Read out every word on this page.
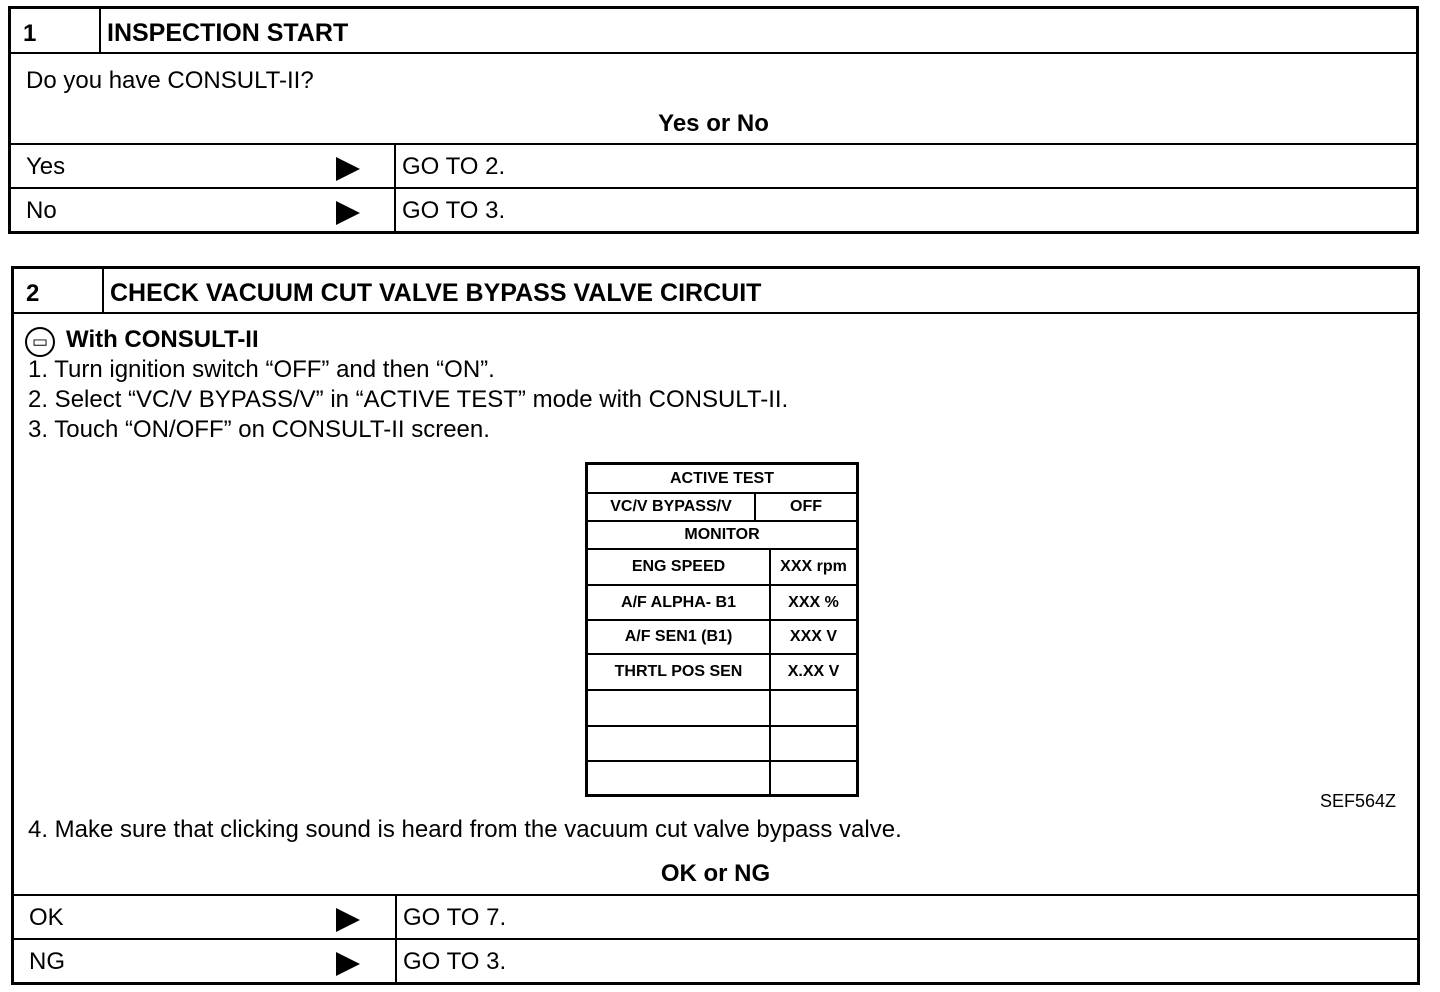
1	INSPECTION START
Do you have CONSULT-II?
Yes or No
Yes	GO TO 2.
No	GO TO 3.
2	CHECK VACUUM CUT VALVE BYPASS VALVE CIRCUIT
▭ With CONSULT-II
1. Turn ignition switch “OFF” and then “ON”.
2. Select “VC/V BYPASS/V” in “ACTIVE TEST” mode with CONSULT-II.
3. Touch “ON/OFF” on CONSULT-II screen.
ACTIVE TEST
VC/V BYPASS/V	OFF
MONITOR
ENG SPEED	XXX rpm
A/F ALPHA- B1	XXX %
A/F SEN1 (B1)	XXX V
THRTL POS SEN	X.XX V
SEF564Z
4. Make sure that clicking sound is heard from the vacuum cut valve bypass valve.
OK or NG
OK	GO TO 7.
NG	GO TO 3.
